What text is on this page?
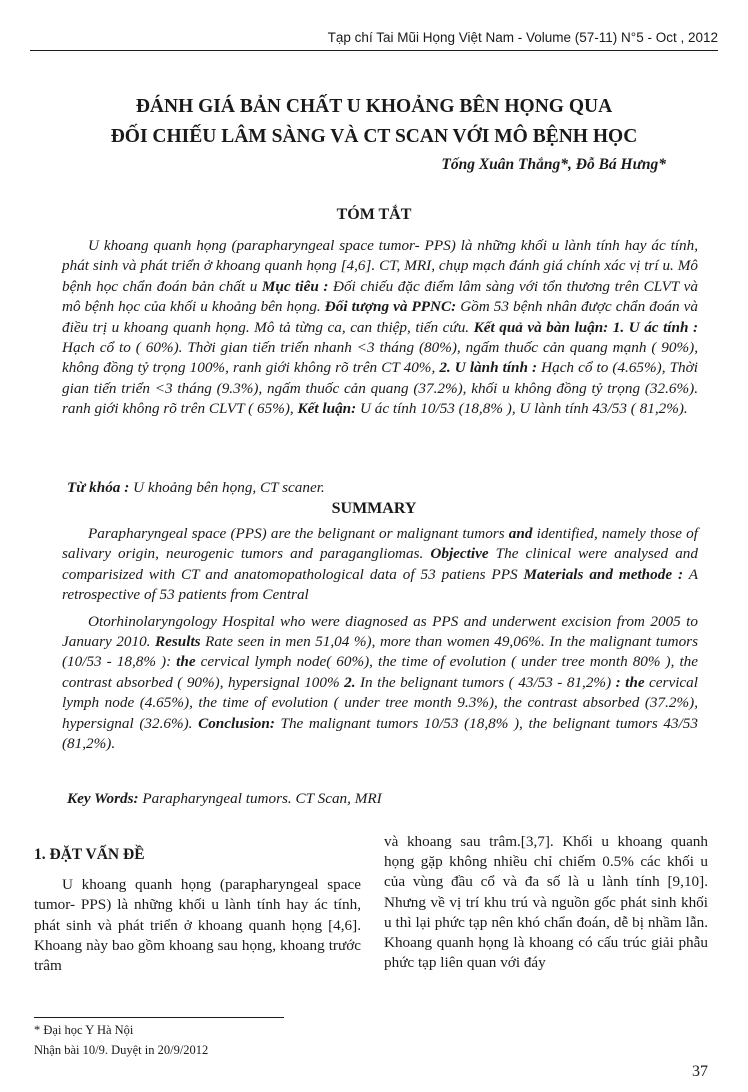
Tạp chí Tai Mũi Họng Việt Nam - Volume (57-11) N°5 - Oct , 2012
ĐÁNH GIÁ BẢN CHẤT U KHOẢNG BÊN HỌNG QUA
ĐỐI CHIẾU LÂM SÀNG VÀ CT SCAN VỚI MÔ BỆNH HỌC
Tống Xuân Thắng*, Đỗ Bá Hưng*
TÓM TẮT

U khoang quanh họng (parapharyngeal space tumor- PPS) là những khối u lành tính hay ác tính, phát sinh và phát triển ở khoang quanh họng [4,6]. CT, MRI, chụp mạch đánh giá chính xác vị trí u. Mô bệnh học chẩn đoán bản chất u Mục tiêu : Đối chiếu đặc điểm lâm sàng với tổn thương trên CLVT và mô bệnh học của khối u khoảng bên họng. Đối tượng và PPNC: Gồm 53 bệnh nhân được chẩn đoán và điều trị u khoang quanh họng. Mô tả từng ca, can thiệp, tiến cứu. Kết quả và bàn luận: 1. U ác tính : Hạch cổ to ( 60%). Thời gian tiến triển nhanh <3 tháng (80%), ngấm thuốc cản quang mạnh ( 90%), không đồng tỷ trọng 100%, ranh giới không rõ trên CT 40%, 2. U lành tính : Hạch cổ to (4.65%), Thời gian tiến triển <3 tháng (9.3%), ngấm thuốc cản quang (37.2%), khối u không đồng tỷ trọng (32.6%). ranh giới không rõ trên CLVT ( 65%), Kết luận: U ác tính 10/53 (18,8% ), U lành tính 43/53 ( 81,2%).

Từ khóa : U khoảng bên họng, CT scaner.
SUMMARY

Parapharyngeal space (PPS) are the belignant or malignant tumors and identified, namely those of salivary origin, neurogenic tumors and paragangliomas. Objective The clinical were analysed and comparisized with CT and anatomopathological data of 53 patiens PPS Materials and methode : A retrospective of 53 patients from Central

Otorhinolaryngology Hospital who were diagnosed as PPS and underwent excision from 2005 to January 2010. Results Rate seen in men 51,04 %), more than women 49,06%. In the malignant tumors (10/53 - 18,8% ): the cervical lymph node( 60%), the time of evolution ( under tree month 80% ), the contrast absorbed ( 90%), hypersignal 100% 2. In the belignant tumors ( 43/53 - 81,2%) : the cervical lymph node (4.65%), the time of evolution ( under tree month 9.3%), the contrast absorbed (37.2%), hypersignal (32.6%). Conclusion: The malignant tumors 10/53 (18,8% ), the belignant tumors 43/53 (81,2%).

Key Words: Parapharyngeal tumors. CT Scan, MRI

1. ĐẶT VẤN ĐỀ

U khoang quanh họng (parapharyngeal space tumor- PPS) là những khối u lành tính hay ác tính, phát sinh và phát triển ở khoang quanh họng [4,6]. Khoang này bao gồm khoang sau họng, khoang trước trâm

và khoang sau trâm.[3,7]. Khối u khoang quanh họng gặp không nhiều chỉ chiếm 0.5% các khối u của vùng đầu cổ và đa số là u lành tính [9,10]. Nhưng về vị trí khu trú và nguồn gốc phát sinh khối u thì lại phức tạp nên khó chẩn đoán, dễ bị nhầm lẫn. Khoang quanh họng là khoang có cấu trúc giải phẫu phức tạp liên quan với đáy

* Đại học Y Hà Nội
Nhận bài 10/9. Duyệt in 20/9/2012
37
